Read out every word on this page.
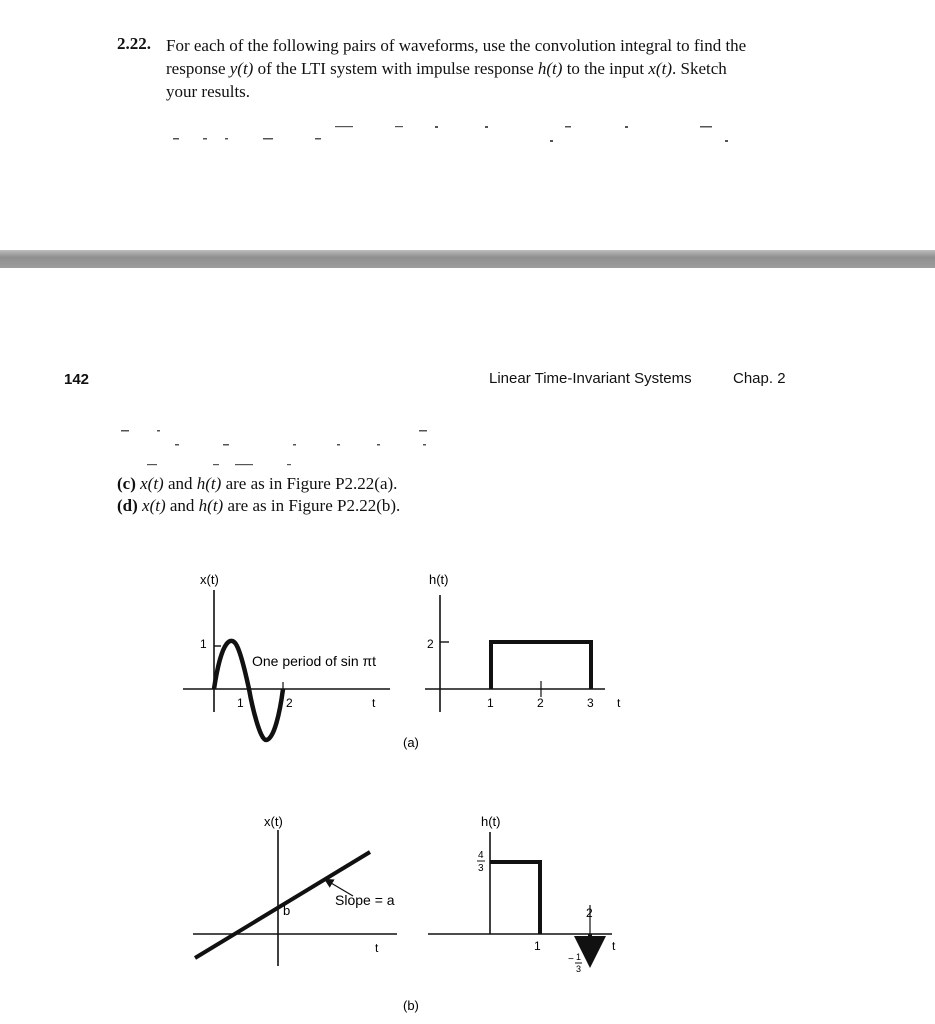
2.22. For each of the following pairs of waveforms, use the convolution integral to find the
response y(t) of the LTI system with impulse response h(t) to the input x(t). Sketch
your results.
142	Linear Time-Invariant Systems	Chap. 2
(c) x(t) and h(t) are as in Figure P2.22(a).
(d) x(t) and h(t) are as in Figure P2.22(b).
x(t)
1
One period of sin πt
1	2	t
h(t)
2
1	2	3 t
(a)
x(t)
b
Slope = a
t
h(t)
4
3
1
2
− 1
3
t
(b)
